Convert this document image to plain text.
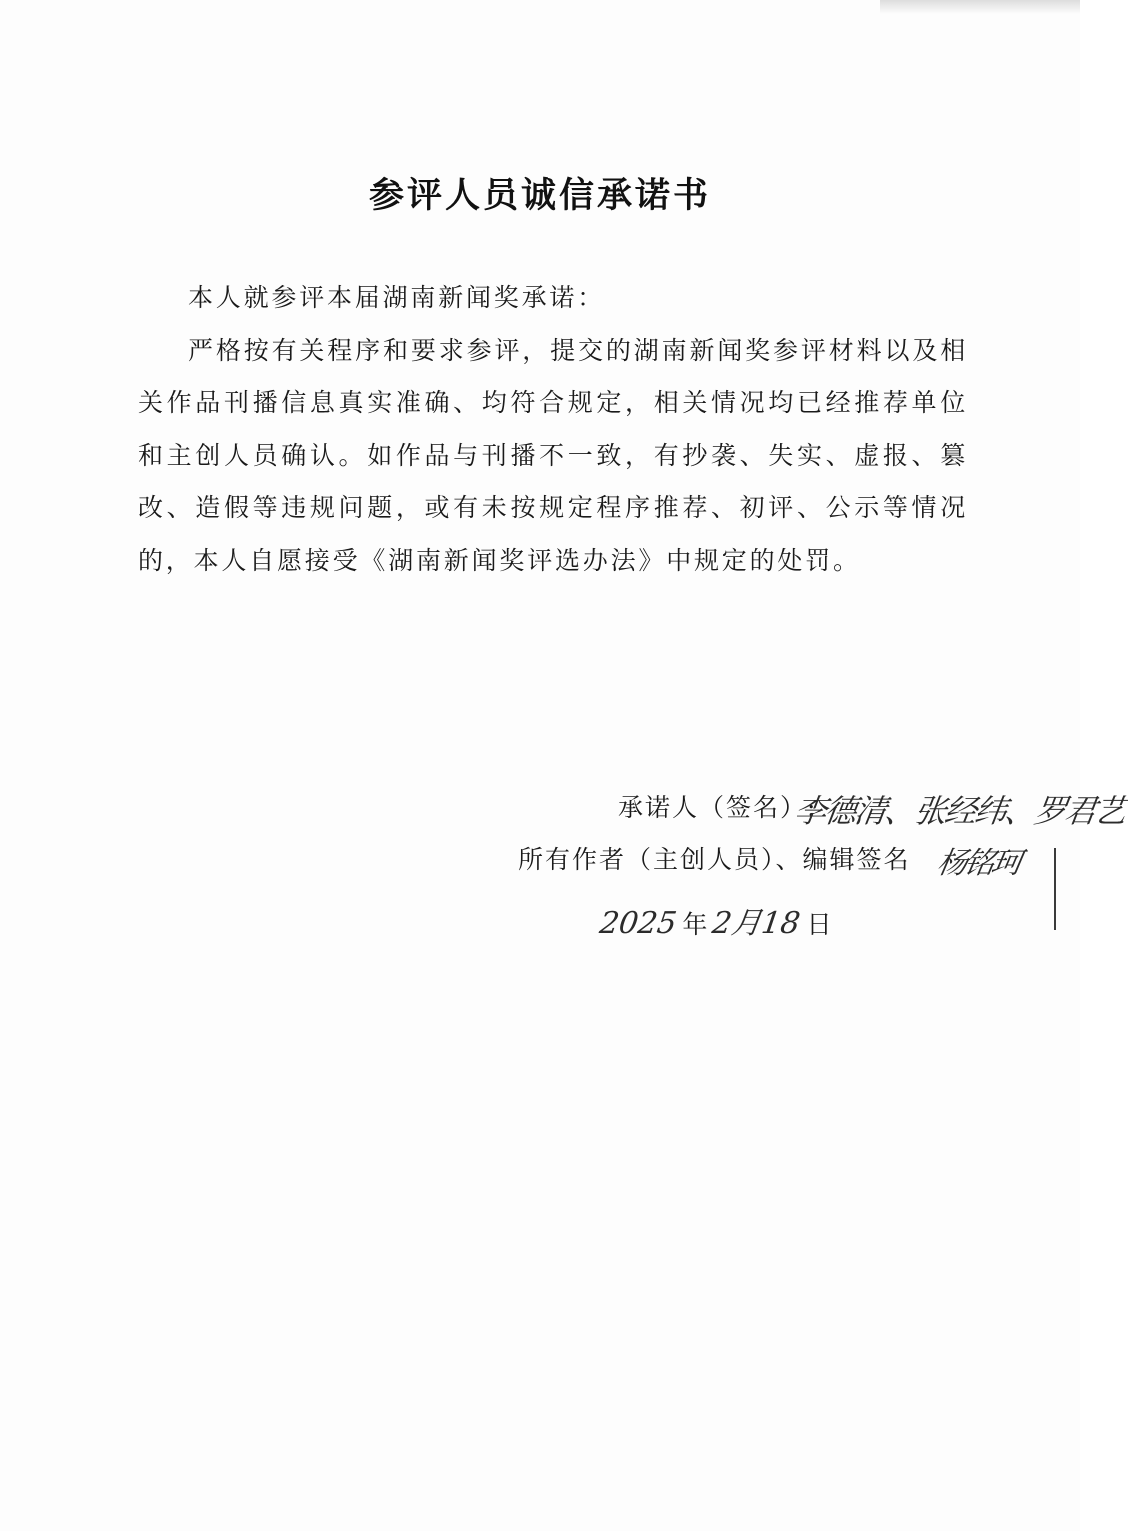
参评人员诚信承诺书

本人就参评本届湖南新闻奖承诺：

严格按有关程序和要求参评，提交的湖南新闻奖参评材料以及相关作品刊播信息真实准确、均符合规定，相关情况均已经推荐单位和主创人员确认。如作品与刊播不一致，有抄袭、失实、虚报、篡改、造假等违规问题，或有未按规定程序推荐、初评、公示等情况的，本人自愿接受《湖南新闻奖评选办法》中规定的处罚。

承诺人（签名）:
李德清、张经纬、罗君艺
所有作者（主创人员）、编辑签名 杨铭珂
2025 年 2月18 日
